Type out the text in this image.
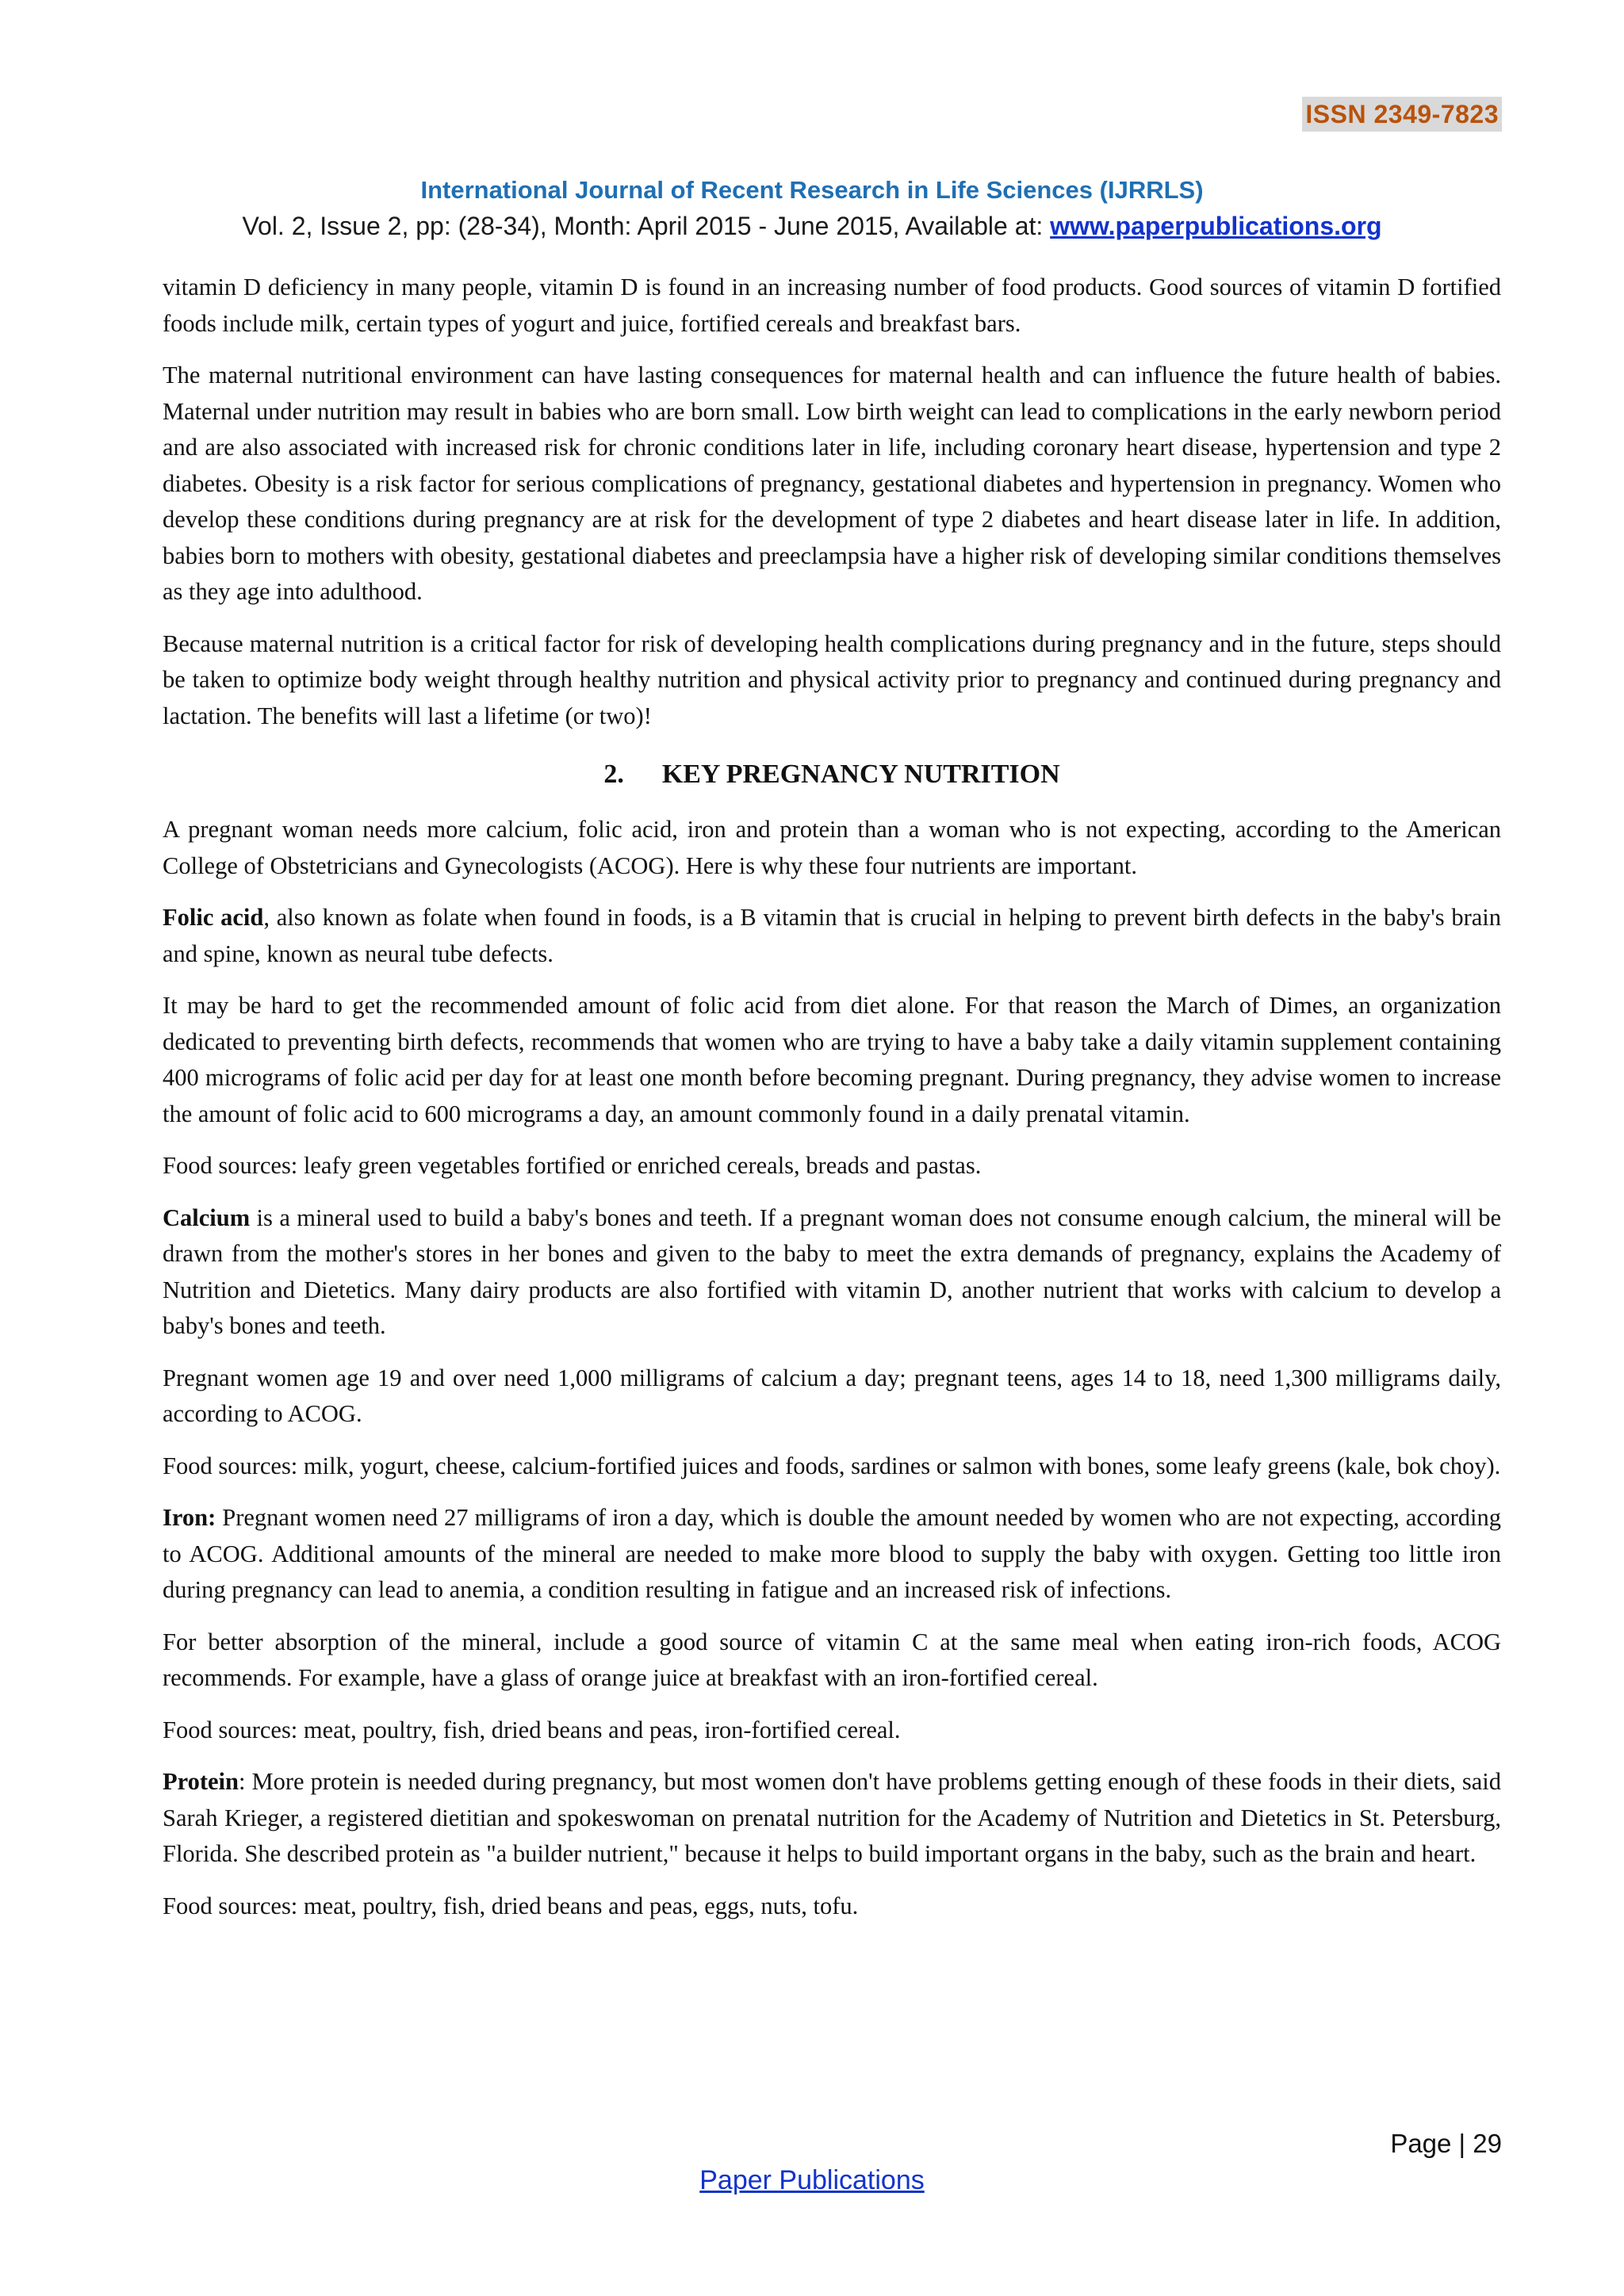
ISSN 2349-7823
International Journal of Recent Research in Life Sciences (IJRRLS)
Vol. 2, Issue 2, pp: (28-34), Month: April 2015 - June 2015, Available at: www.paperpublications.org

vitamin D deficiency in many people, vitamin D is found in an increasing number of food products. Good sources of vitamin D fortified foods include milk, certain types of yogurt and juice, fortified cereals and breakfast bars.

The maternal nutritional environment can have lasting consequences for maternal health and can influence the future health of babies. Maternal under nutrition may result in babies who are born small. Low birth weight can lead to complications in the early newborn period and are also associated with increased risk for chronic conditions later in life, including coronary heart disease, hypertension and type 2 diabetes. Obesity is a risk factor for serious complications of pregnancy, gestational diabetes and hypertension in pregnancy. Women who develop these conditions during pregnancy are at risk for the development of type 2 diabetes and heart disease later in life. In addition, babies born to mothers with obesity, gestational diabetes and preeclampsia have a higher risk of developing similar conditions themselves as they age into adulthood.

Because maternal nutrition is a critical factor for risk of developing health complications during pregnancy and in the future, steps should be taken to optimize body weight through healthy nutrition and physical activity prior to pregnancy and continued during pregnancy and lactation. The benefits will last a lifetime (or two)!

2. KEY PREGNANCY NUTRITION

A pregnant woman needs more calcium, folic acid, iron and protein than a woman who is not expecting, according to the American College of Obstetricians and Gynecologists (ACOG). Here is why these four nutrients are important.

Folic acid, also known as folate when found in foods, is a B vitamin that is crucial in helping to prevent birth defects in the baby's brain and spine, known as neural tube defects.

It may be hard to get the recommended amount of folic acid from diet alone. For that reason the March of Dimes, an organization dedicated to preventing birth defects, recommends that women who are trying to have a baby take a daily vitamin supplement containing 400 micrograms of folic acid per day for at least one month before becoming pregnant. During pregnancy, they advise women to increase the amount of folic acid to 600 micrograms a day, an amount commonly found in a daily prenatal vitamin.

Food sources: leafy green vegetables fortified or enriched cereals, breads and pastas.

Calcium is a mineral used to build a baby's bones and teeth. If a pregnant woman does not consume enough calcium, the mineral will be drawn from the mother's stores in her bones and given to the baby to meet the extra demands of pregnancy, explains the Academy of Nutrition and Dietetics. Many dairy products are also fortified with vitamin D, another nutrient that works with calcium to develop a baby's bones and teeth.

Pregnant women age 19 and over need 1,000 milligrams of calcium a day; pregnant teens, ages 14 to 18, need 1,300 milligrams daily, according to ACOG.

Food sources: milk, yogurt, cheese, calcium-fortified juices and foods, sardines or salmon with bones, some leafy greens (kale, bok choy).

Iron: Pregnant women need 27 milligrams of iron a day, which is double the amount needed by women who are not expecting, according to ACOG. Additional amounts of the mineral are needed to make more blood to supply the baby with oxygen. Getting too little iron during pregnancy can lead to anemia, a condition resulting in fatigue and an increased risk of infections.

For better absorption of the mineral, include a good source of vitamin C at the same meal when eating iron-rich foods, ACOG recommends. For example, have a glass of orange juice at breakfast with an iron-fortified cereal.

Food sources: meat, poultry, fish, dried beans and peas, iron-fortified cereal.

Protein: More protein is needed during pregnancy, but most women don't have problems getting enough of these foods in their diets, said Sarah Krieger, a registered dietitian and spokeswoman on prenatal nutrition for the Academy of Nutrition and Dietetics in St. Petersburg, Florida. She described protein as "a builder nutrient," because it helps to build important organs in the baby, such as the brain and heart.

Food sources: meat, poultry, fish, dried beans and peas, eggs, nuts, tofu.

Page | 29
Paper Publications
